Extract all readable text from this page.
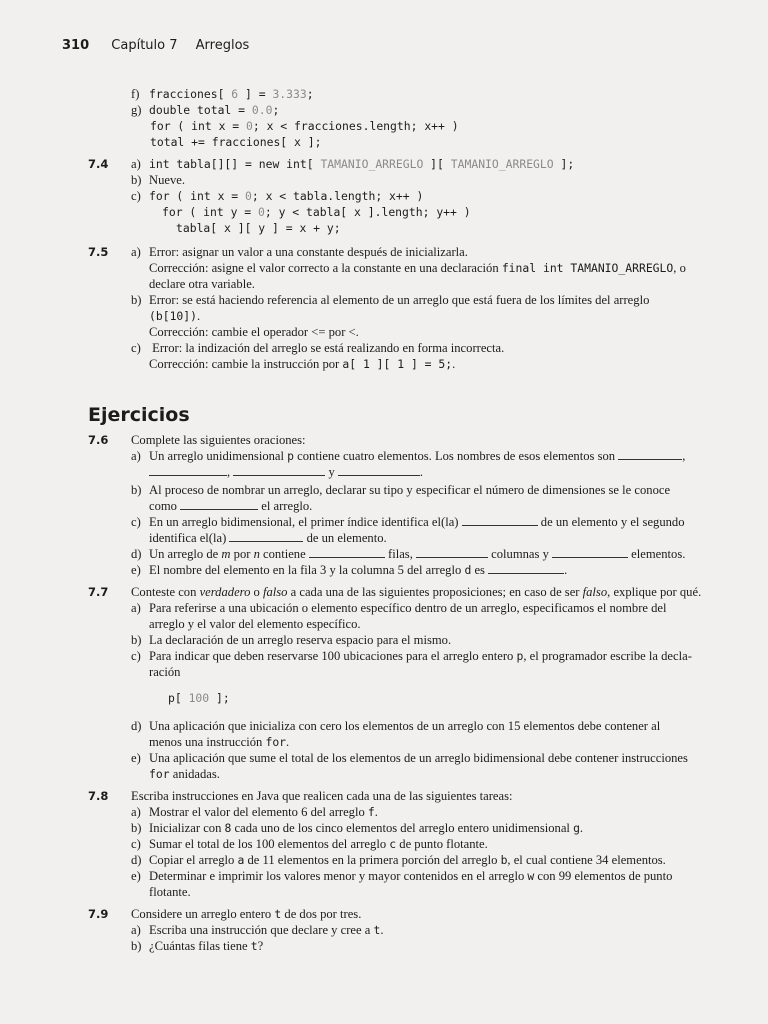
310 Capítulo 7 Arreglos
f) fracciones[ 6 ] = 3.333;
g) double total = 0.0;
for ( int x = 0; x < fracciones.length; x++ )
total += fracciones[ x ];
7.4 a) int tabla[][] = new int[ TAMANIO_ARREGLO ][ TAMANIO_ARREGLO ];
b) Nueve.
c) for ( int x = 0; x < tabla.length; x++ )
for ( int y = 0; y < tabla[ x ].length; y++ )
tabla[ x ][ y ] = x + y;
7.5 a) Error: asignar un valor a una constante después de inicializarla.
Corrección: asigne el valor correcto a la constante en una declaración final int TAMANIO_ARREGLO, o
declare otra variable.
b) Error: se está haciendo referencia al elemento de un arreglo que está fuera de los límites del arreglo
(b[10]).
Corrección: cambie el operador <= por <.
c) Error: la indización del arreglo se está realizando en forma incorrecta.
Corrección: cambie la instrucción por a[ 1 ][ 1 ] = 5;.
Ejercicios
7.6 Complete las siguientes oraciones:
a) Un arreglo unidimensional p contiene cuatro elementos. Los nombres de esos elementos son	,
,	y	.
b) Al proceso de nombrar un arreglo, declarar su tipo y especificar el número de dimensiones se le conoce
como	el arreglo.
c) En un arreglo bidimensional, el primer índice identifica el(la)	de un elemento y el segundo
identifica el(la)	de un elemento.
d) Un arreglo de m por n contiene	filas,	columnas y	elementos.
e) El nombre del elemento en la fila 3 y la columna 5 del arreglo d es	.
7.7 Conteste con verdadero o falso a cada una de las siguientes proposiciones; en caso de ser falso, explique por qué.
a) Para referirse a una ubicación o elemento específico dentro de un arreglo, especificamos el nombre del
arreglo y el valor del elemento específico.
b) La declaración de un arreglo reserva espacio para el mismo.
c) Para indicar que deben reservarse 100 ubicaciones para el arreglo entero p, el programador escribe la decla-
ración
p[ 100 ];
d) Una aplicación que inicializa con cero los elementos de un arreglo con 15 elementos debe contener al
menos una instrucción for.
e) Una aplicación que sume el total de los elementos de un arreglo bidimensional debe contener instrucciones
for anidadas.
7.8 Escriba instrucciones en Java que realicen cada una de las siguientes tareas:
a) Mostrar el valor del elemento 6 del arreglo f.
b) Inicializar con 8 cada uno de los cinco elementos del arreglo entero unidimensional g.
c) Sumar el total de los 100 elementos del arreglo c de punto flotante.
d) Copiar el arreglo a de 11 elementos en la primera porción del arreglo b, el cual contiene 34 elementos.
e) Determinar e imprimir los valores menor y mayor contenidos en el arreglo w con 99 elementos de punto
flotante.
7.9 Considere un arreglo entero t de dos por tres.
a) Escriba una instrucción que declare y cree a t.
b) ¿Cuántas filas tiene t?
